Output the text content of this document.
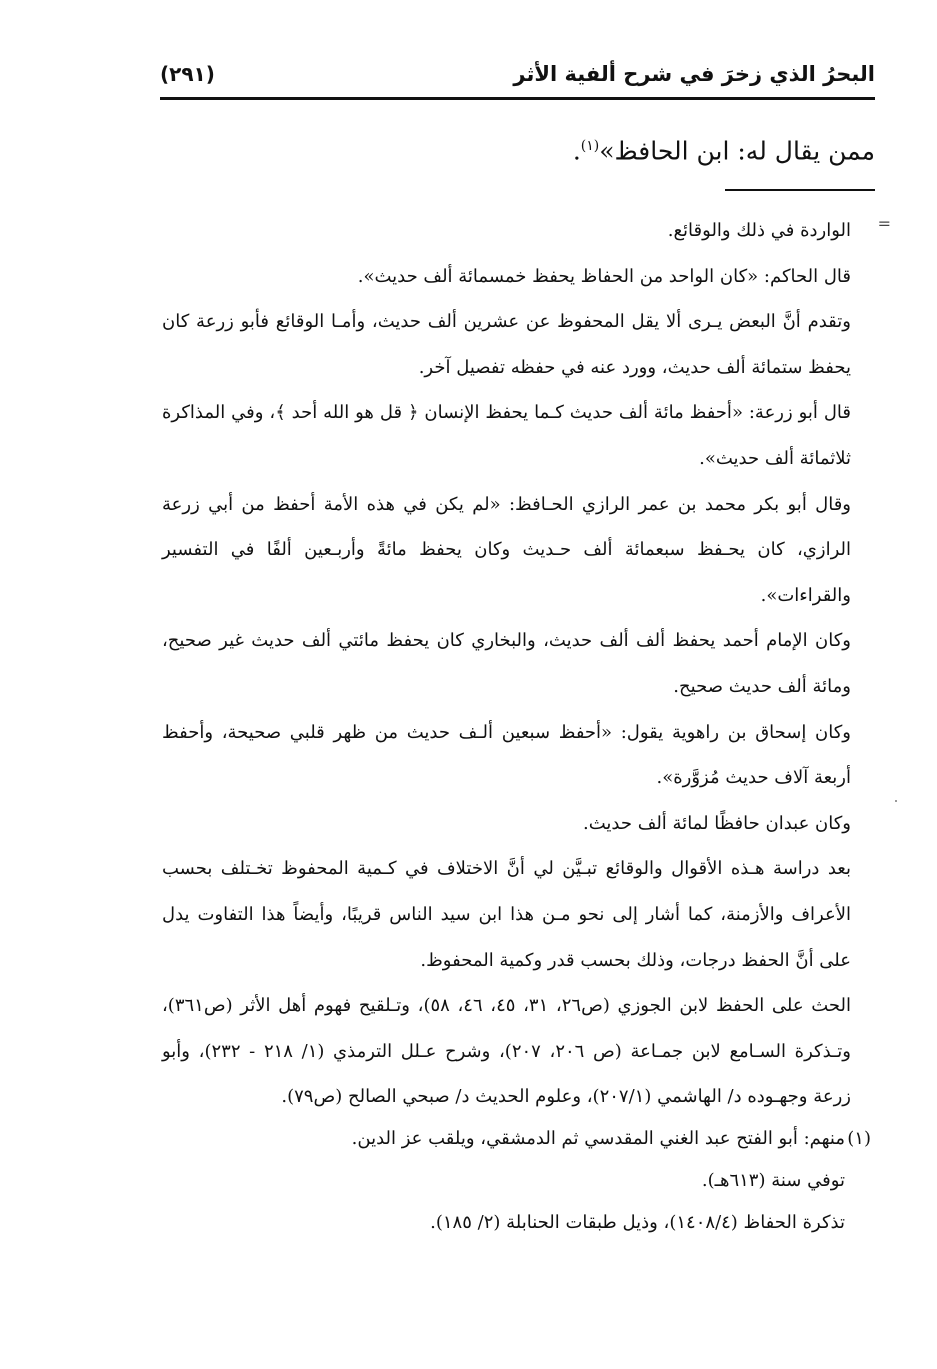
البحرُ الذي زخرَ في شرح ألفية الأثر
(٢٩١)
ممن يقال له: ابن الحافظ»$^{(١)}$.
=

الواردة في ذلك والوقائع.

قال الحاكم: «كان الواحد من الحفاظ يحفظ خمسمائة ألف حديث».

وتقدم أنَّ البعض يـرى ألا يقل المحفوظ عن عشرين ألف حديث، وأمـا الوقائع فأبو زرعة كان يحفظ ستمائة ألف حديث، وورد عنه في حفظه تفصيل آخر.

قال أبو زرعة: «أحفظ مائة ألف حديث كـما يحفظ الإنسان ﴿ قل هو الله أحد ﴾، وفي المذاكرة ثلاثمائة ألف حديث».

وقال أبو بكر محمد بن عمر الرازي الحـافظ: «لم يكن في هذه الأمة أحفظ من أبي زرعة الرازي، كان يحـفظ سبعمائة ألف حـديث وكان يحفظ مائةً وأربـعين ألفًا في التفسير والقراءات».

وكان الإمام أحمد يحفظ ألف ألف حديث، والبخاري كان يحفظ مائتي ألف حديث غير صحيح، ومائة ألف حديث صحيح.

وكان إسحاق بن راهوية يقول: «أحفظ سبعين ألـف حديث من ظهر قلبي صحيحة، وأحفظ أربعة آلاف حديث مُزوَّرة».

وكان عبدان حافظًا لمائة ألف حديث.

بعد دراسة هـذه الأقوال والوقائع تبـيَّن لي أنَّ الاختلاف في كـمية المحفوظ تخـتلف بحسب الأعراف والأزمنة، كما أشار إلى نحو مـن هذا ابن سيد الناس قريبًا، وأيضاً هذا التفاوت يدل على أنَّ الحفظ درجات، وذلك بحسب قدر وكمية المحفوظ.

الحث على الحفظ لابن الجوزي (ص٢٦، ٣١، ٤٥، ٤٦، ٥٨)، وتـلقيح فهوم أهل الأثر (ص٣٦١)، وتـذكرة السـامع لابن جمـاعة (ص ٢٠٦، ٢٠٧)، وشرح عـلل الترمذي (١/ ٢١٨ - ٢٣٢)، وأبو زرعة وجهـوده د/ الهاشمي (٢٠٧/١)، وعلوم الحديث د/ صبحي الصالح (ص٧٩).

(١)

منهم: أبو الفتح عبد الغني المقدسي ثم الدمشقي، ويلقب عز الدين.

توفي سنة (٦١٣هـ).

تذكرة الحفاظ (١٤٠٨/٤)، وذيل طبقات الحنابلة (٢/ ١٨٥).
